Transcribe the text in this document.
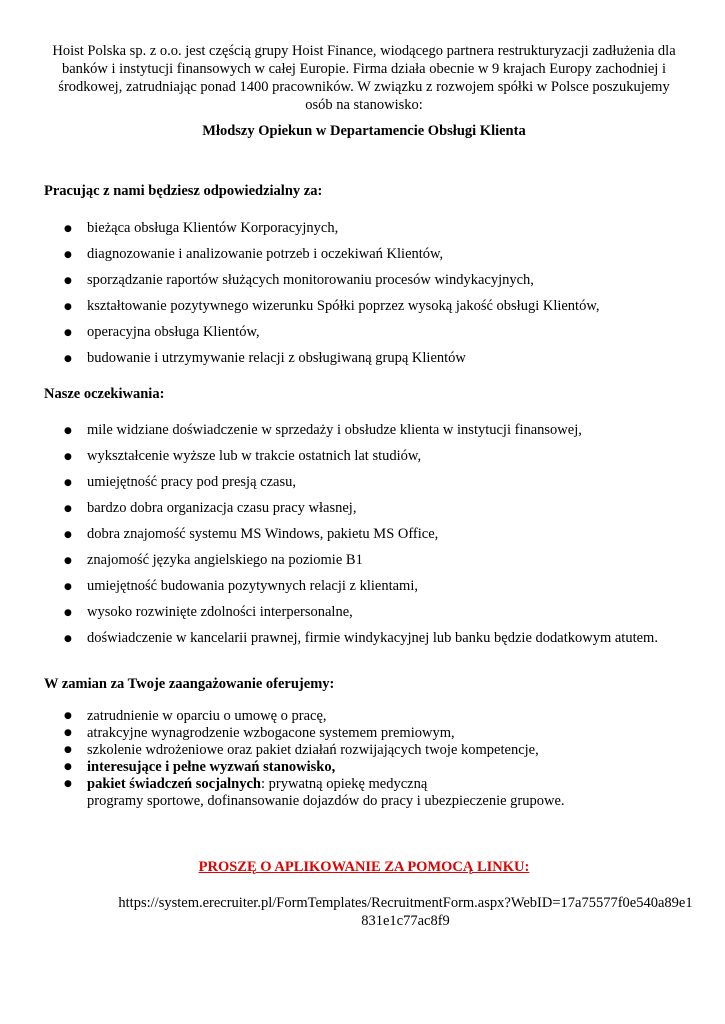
Hoist Polska sp. z o.o. jest częścią grupy Hoist Finance, wiodącego partnera restrukturyzacji zadłużenia dla banków i instytucji finansowych w całej Europie. Firma działa obecnie w 9 krajach Europy zachodniej i środkowej, zatrudniając ponad 1400 pracowników. W związku z rozwojem spółki w Polsce poszukujemy osób na stanowisko:
Młodszy Opiekun w Departamencie Obsługi Klienta
Pracując z nami będziesz odpowiedzialny za:
● bieżąca obsługa Klientów Korporacyjnych,
● diagnozowanie i analizowanie potrzeb i oczekiwań Klientów,
● sporządzanie raportów służących monitorowaniu procesów windykacyjnych,
● kształtowanie pozytywnego wizerunku Spółki poprzez wysoką jakość obsługi Klientów,
● operacyjna obsługa Klientów,
● budowanie i utrzymywanie relacji z obsługiwaną grupą Klientów
Nasze oczekiwania:
● mile widziane doświadczenie w sprzedaży i obsłudze klienta w instytucji finansowej,
● wykształcenie wyższe lub w trakcie ostatnich lat studiów,
● umiejętność pracy pod presją czasu,
● bardzo dobra organizacja czasu pracy własnej,
● dobra znajomość systemu MS Windows, pakietu MS Office,
● znajomość języka angielskiego na poziomie B1
● umiejętność budowania pozytywnych relacji z klientami,
● wysoko rozwinięte zdolności interpersonalne,
● doświadczenie w kancelarii prawnej, firmie windykacyjnej lub banku będzie dodatkowym atutem.
W zamian za Twoje zaangażowanie oferujemy:
● zatrudnienie w oparciu o umowę o pracę,
● atrakcyjne wynagrodzenie wzbogacone systemem premiowym,
● szkolenie wdrożeniowe oraz pakiet działań rozwijających twoje kompetencje,
● interesujące i pełne wyzwań stanowisko,
● pakiet świadczeń socjalnych: prywatną opiekę medyczną
programy sportowe, dofinansowanie dojazdów do pracy i ubezpieczenie grupowe.
PROSZĘ O APLIKOWANIE ZA POMOCĄ LINKU:
https://system.erecruiter.pl/FormTemplates/RecruitmentForm.aspx?WebID=17a75577f0e540a89e1831e1c77ac8f9
